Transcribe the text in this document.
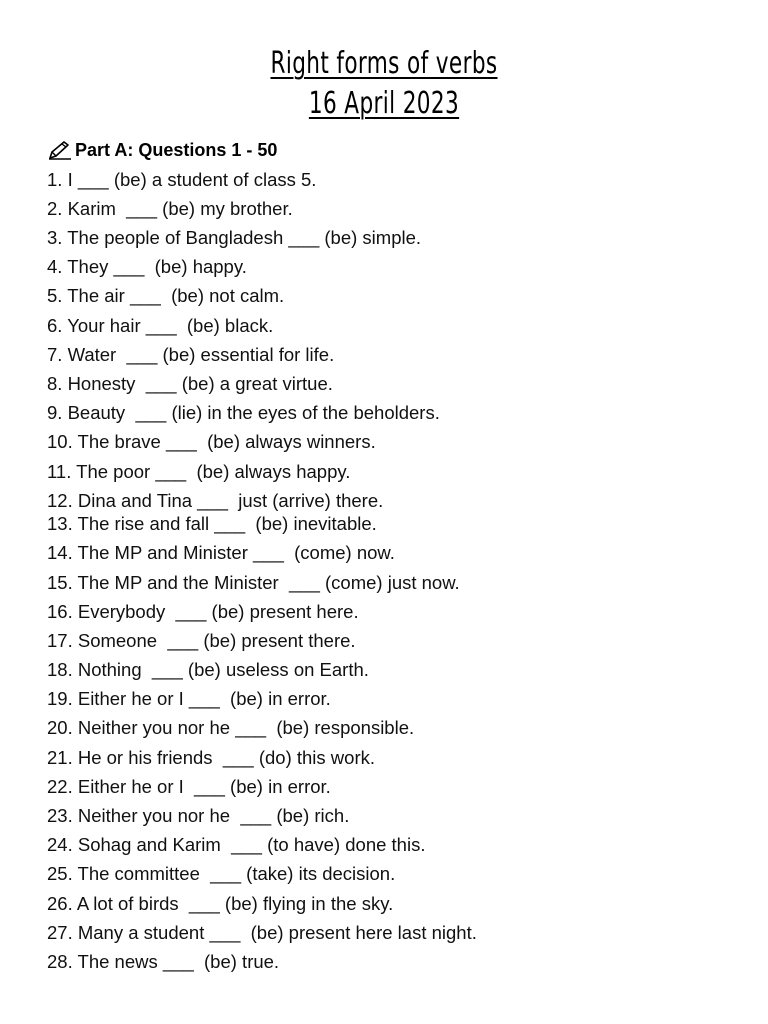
Right forms of verbs
16 April 2023
Part A: Questions 1 - 50
1. I ___ (be) a student of class 5.
2. Karim  ___ (be) my brother.
3. The people of Bangladesh ___ (be) simple.
4. They ___  (be) happy.
5. The air ___  (be) not calm.
6. Your hair ___  (be) black.
7. Water  ___ (be) essential for life.
8. Honesty  ___ (be) a great virtue.
9. Beauty  ___ (lie) in the eyes of the beholders.
10. The brave ___  (be) always winners.
11. The poor ___  (be) always happy.
12. Dina and Tina ___  just (arrive) there.
13. The rise and fall ___  (be) inevitable.
14. The MP and Minister ___  (come) now.
15. The MP and the Minister  ___ (come) just now.
16. Everybody  ___ (be) present here.
17. Someone  ___ (be) present there.
18. Nothing  ___ (be) useless on Earth.
19. Either he or I ___  (be) in error.
20. Neither you nor he ___  (be) responsible.
21. He or his friends  ___ (do) this work.
22. Either he or I  ___ (be) in error.
23. Neither you nor he  ___ (be) rich.
24. Sohag and Karim  ___ (to have) done this.
25. The committee  ___ (take) its decision.
26. A lot of birds  ___ (be) flying in the sky.
27. Many a student ___  (be) present here last night.
28. The news ___  (be) true.
